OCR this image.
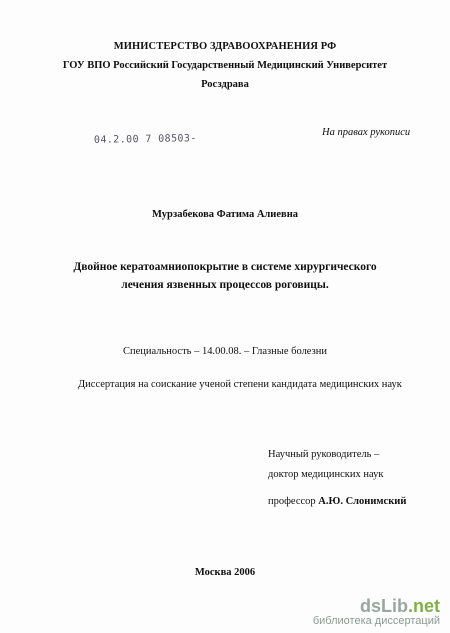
МИНИСТЕРСТВО ЗДРАВООХРАНЕНИЯ РФ
ГОУ ВПО Российский Государственный Медицинский Университет
Росздрава
На правах рукописи
04.2.00 7 08503-
Мурзабекова Фатима Алиевна
Двойное кератоамниопокрытие в системе хирургического
лечения язвенных процессов роговицы.
Специальность – 14.00.08. – Глазные болезни
Диссертация на соискание ученой степени кандидата медицинских наук
Научный руководитель –
доктор медицинских наук
профессор А.Ю. Слонимский
Москва 2006
dsLib.net
библиотека диссертаций
